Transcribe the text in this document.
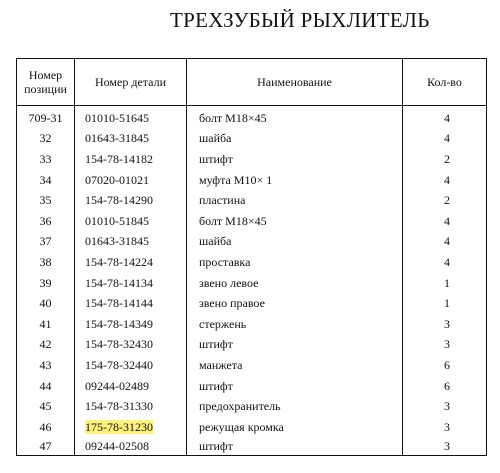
ТРЕХЗУБЫЙ РЫХЛИТЕЛЬ
Номер позиции	Номер детали	Наименование	Кол-во
709-31	01010-51645	болт М18×45	4
32	01643-31845	шайба	4
33	154-78-14182	штифт	2
34	07020-01021	муфта М10× 1	4
35	154-78-14290	пластина	2
36	01010-51845	болт М18×45	4
37	01643-31845	шайба	4
38	154-78-14224	проставка	4
39	154-78-14134	звено левое	1
40	154-78-14144	звено правое	1
41	154-78-14349	стержень	3
42	154-78-32430	штифт	3
43	154-78-32440	манжета	6
44	09244-02489	штифт	6
45	154-78-31330	предохранитель	3
46	175-78-31230	режущая кромка	3
47	09244-02508	штифт	3
